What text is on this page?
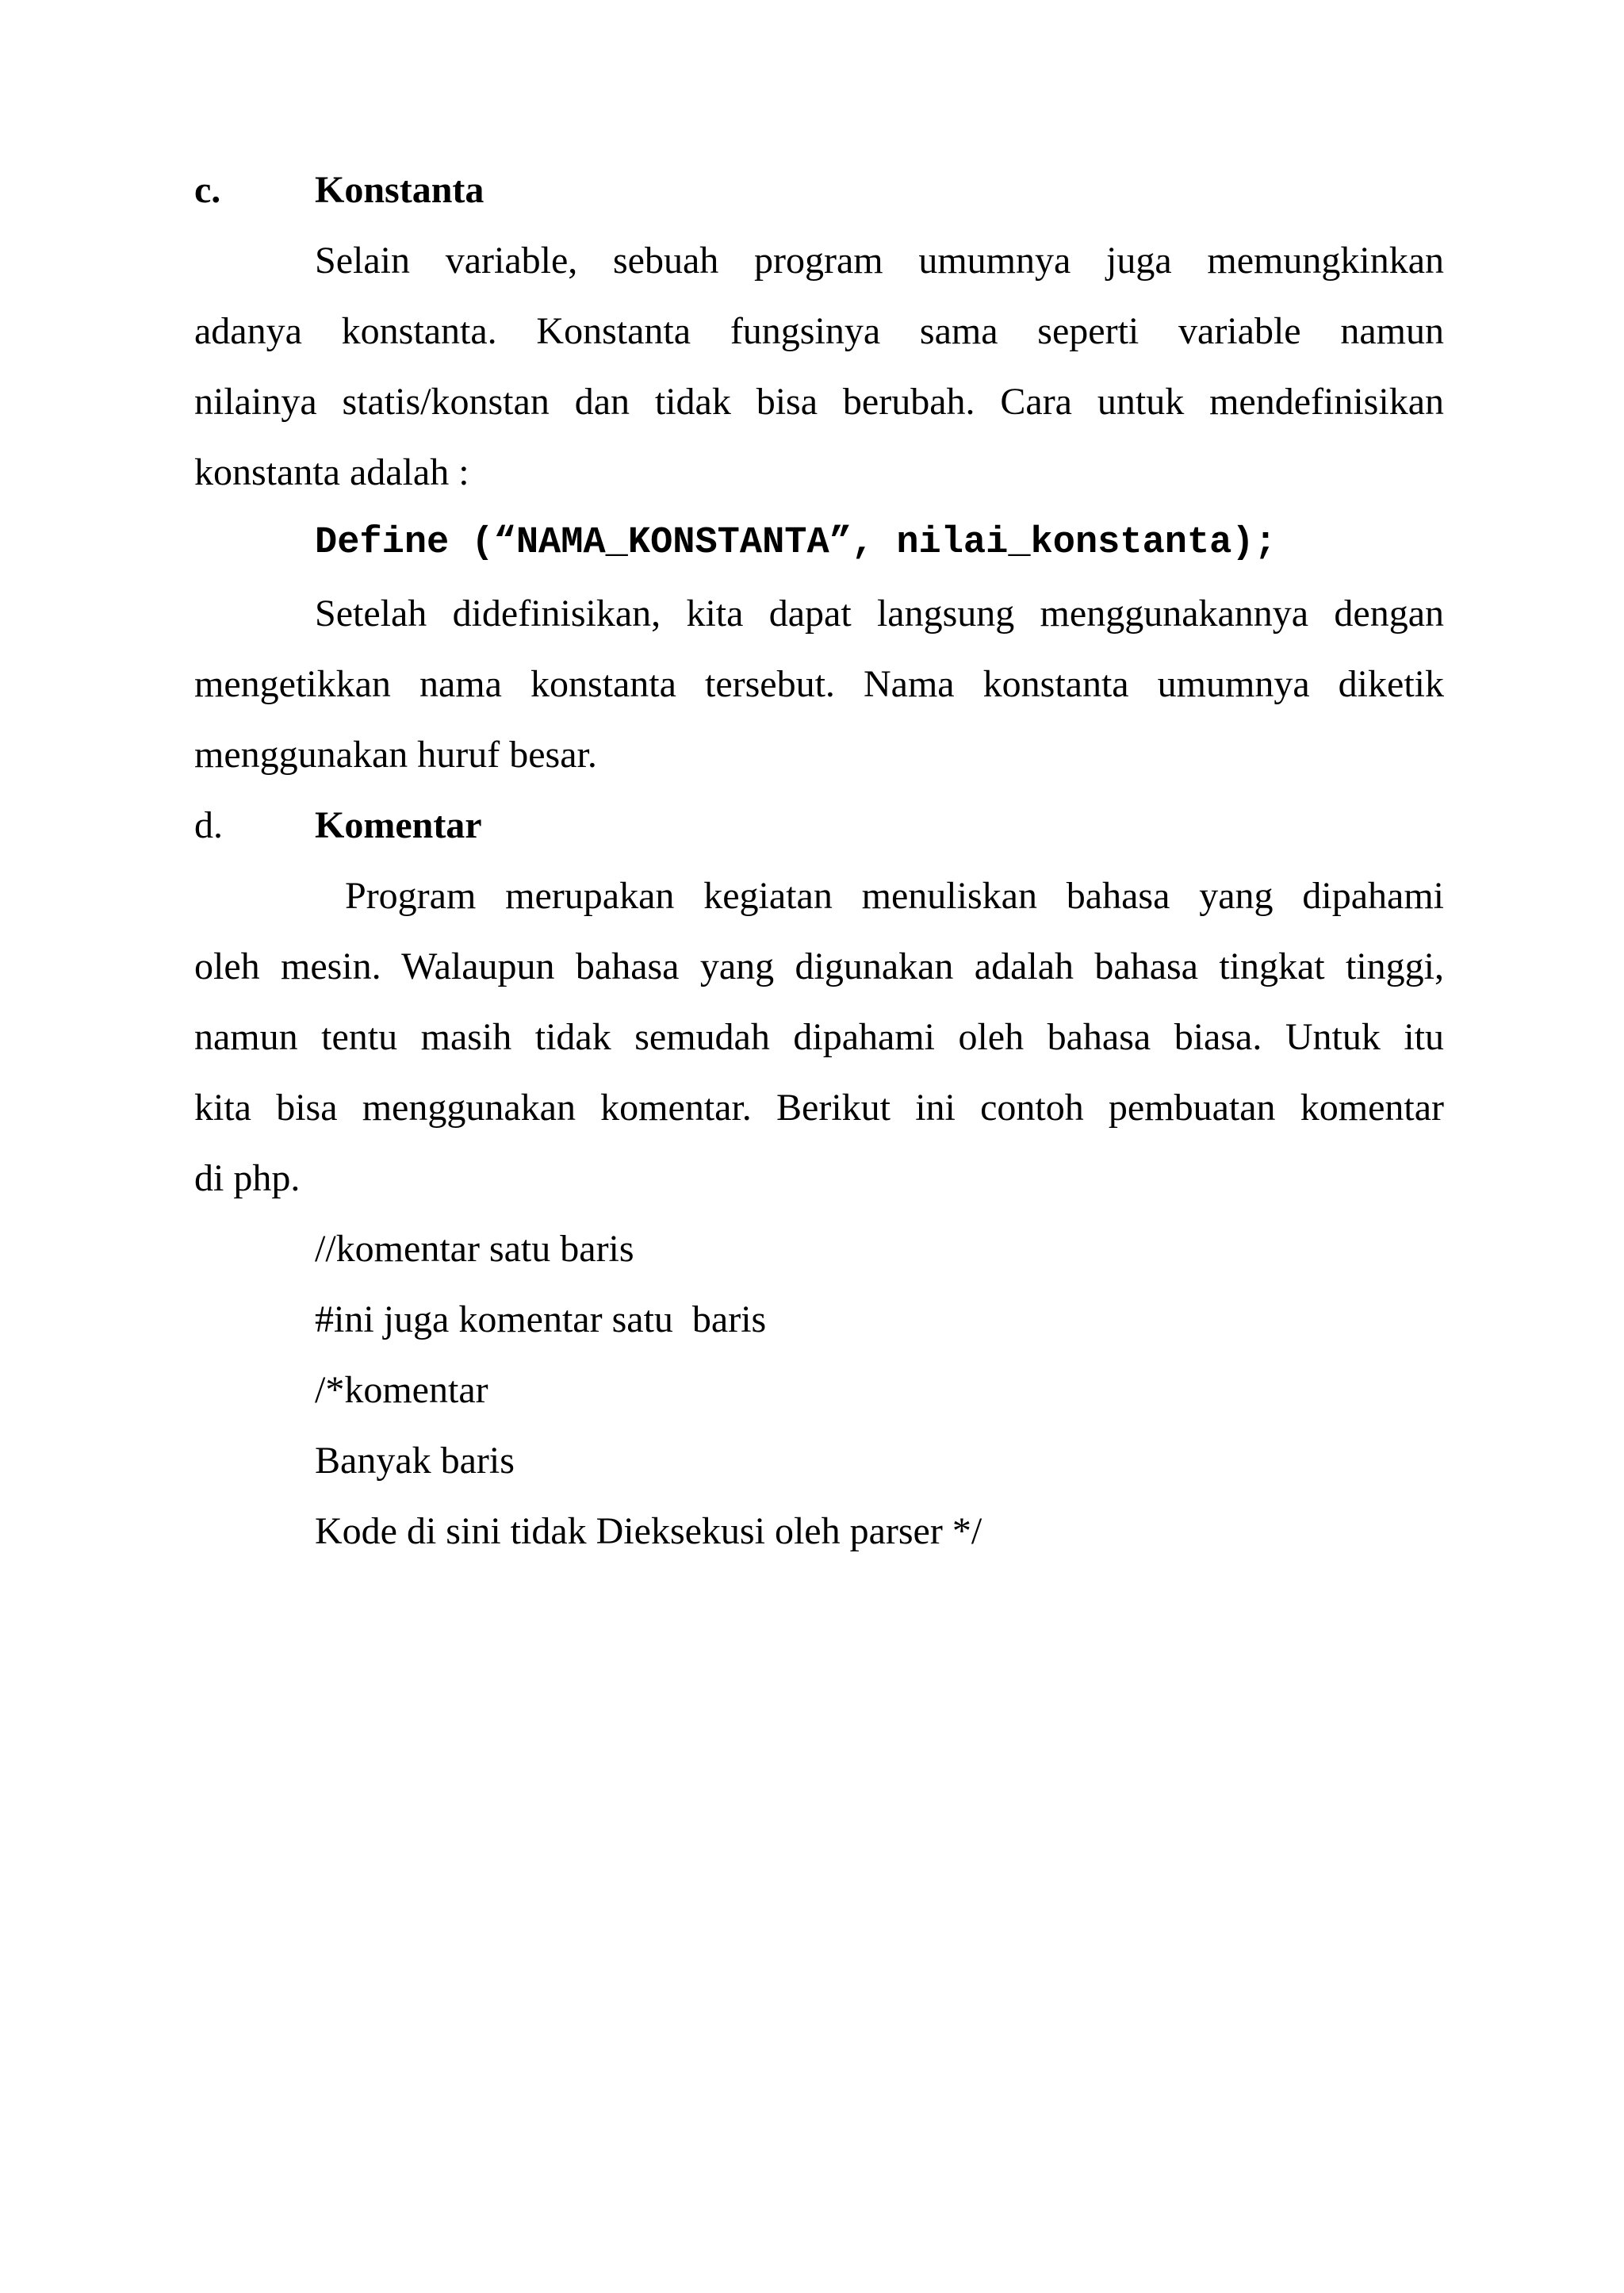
c. Konstanta
Selain variable, sebuah program umumnya juga memungkinkan
adanya konstanta. Konstanta fungsinya sama seperti variable namun
nilainya statis/konstan dan tidak bisa berubah. Cara untuk mendefinisikan
konstanta adalah :
Define (“NAMA_KONSTANTA”, nilai_konstanta);
Setelah didefinisikan, kita dapat langsung menggunakannya dengan
mengetikkan nama konstanta tersebut. Nama konstanta umumnya diketik
menggunakan huruf besar.
d. Komentar
Program merupakan kegiatan menuliskan bahasa yang dipahami
oleh mesin. Walaupun bahasa yang digunakan adalah bahasa tingkat tinggi,
namun tentu masih tidak semudah dipahami oleh bahasa biasa. Untuk itu
kita bisa menggunakan komentar. Berikut ini contoh pembuatan komentar
di php.
//komentar satu baris
#ini juga komentar satu  baris
/*komentar
Banyak baris
Kode di sini tidak Dieksekusi oleh parser */
